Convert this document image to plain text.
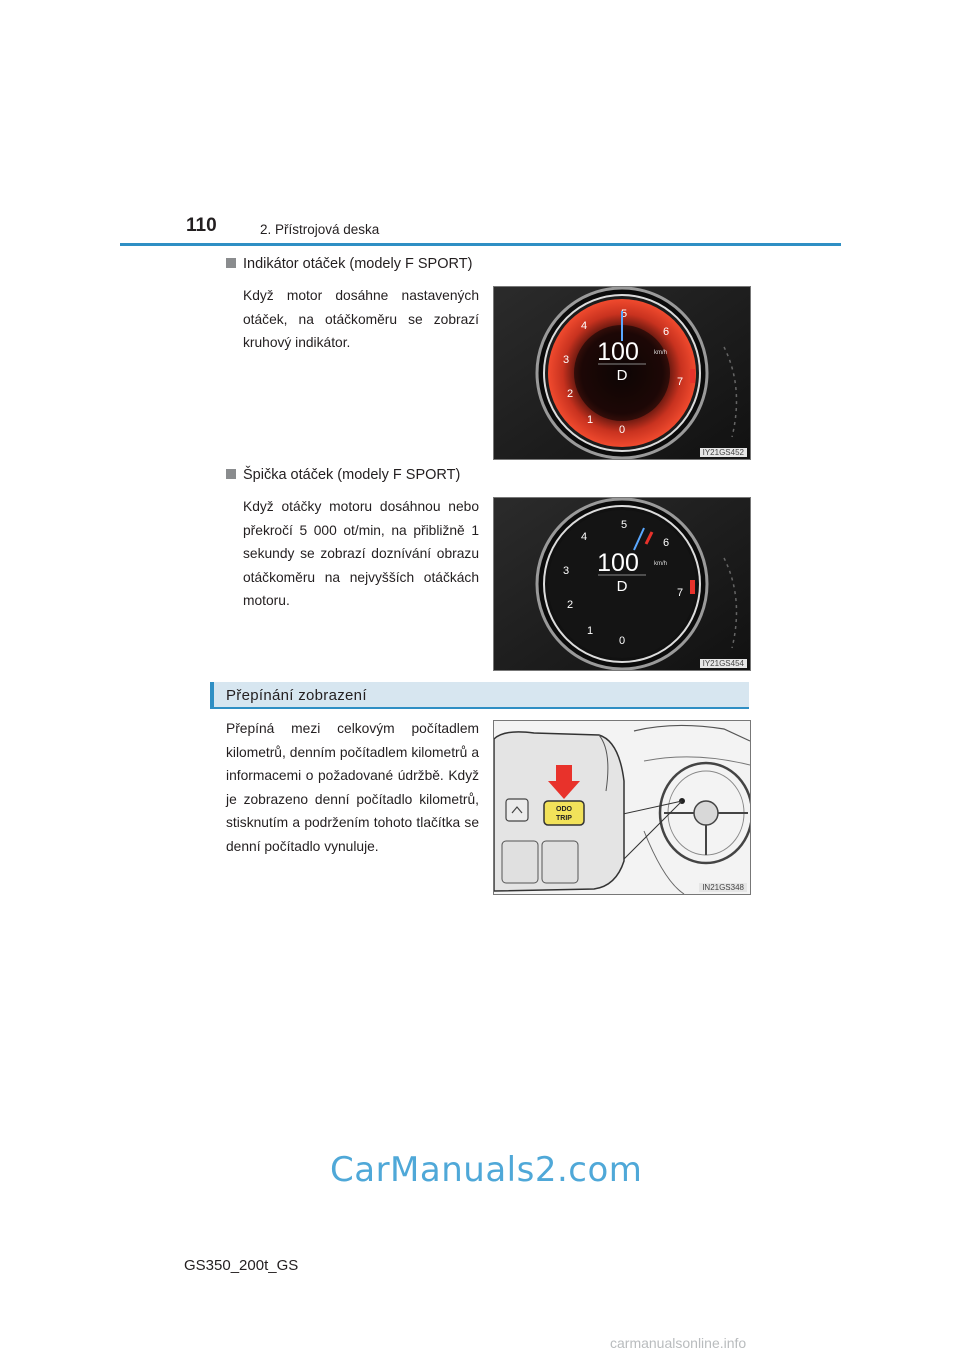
110	2. Přístrojová deska
Indikátor otáček (modely F SPORT)
Když motor dosáhne nastavených otáček, na otáčkoměru se zobrazí kruhový indikátor.
0
1
2
3
4
5
6
7
100	km/h
D
IY21GS452
Špička otáček (modely F SPORT)
Když otáčky motoru dosáhnou nebo překročí 5 000 ot/min, na přibližně 1 sekundy se zobrazí doznívání obrazu otáčkoměru na nejvyšších otáčkách motoru.
0
1
2
3
4
5
6
7
100	km/h
D
IY21GS454
Přepínání zobrazení
Přepíná mezi celkovým počítadlem kilometrů, denním počítadlem kilometrů a informacemi o požadované údržbě. Když je zobrazeno denní počítadlo kilometrů, stisknutím a podržením tohoto tlačítka se denní počítadlo vynuluje.
ODO
TRIP
IN21GS348
CarManuals2.com
GS350_200t_GS
carmanualsonline.info
